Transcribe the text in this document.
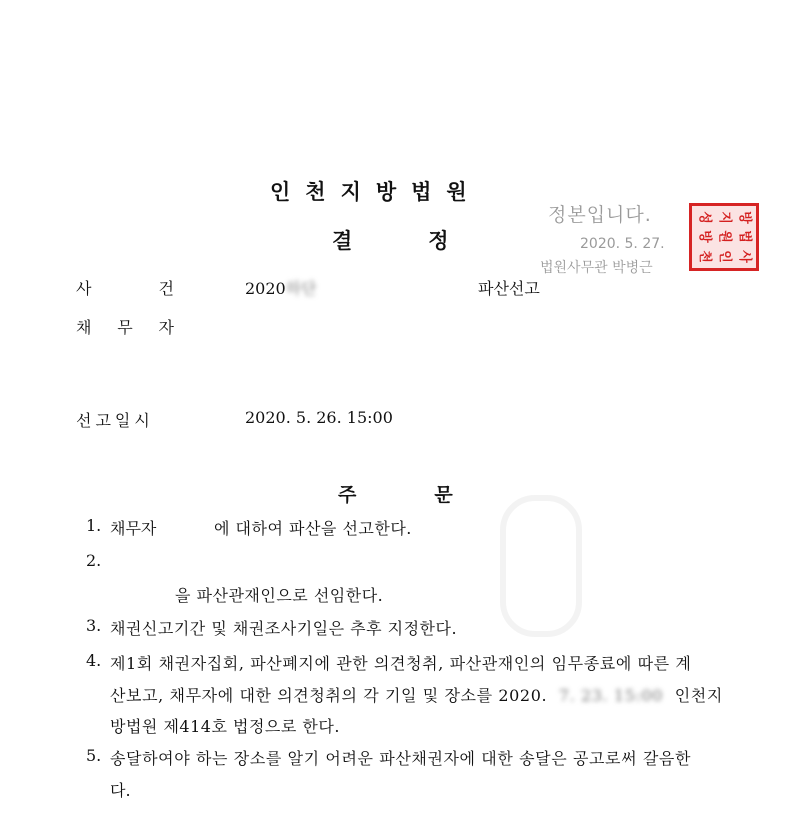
인천지방법원
결	정
정본입니다.
2020. 5. 27.
법원사무관 박병근
성 지 방
방 원 법
천 인 사
사 건	2020하단	파산선고
채 무 자
선고일시	2020. 5. 26. 15:00
주	문
1. 채무자	에 대하여 파산을 선고한다.
2.
을 파산관재인으로 선임한다.
3. 채권신고기간 및 채권조사기일은 추후 지정한다.
4. 제1회 채권자집회, 파산폐지에 관한 의견청취, 파산관재인의 임무종료에 따른 계
산보고, 채무자에 대한 의견청취의 각 기일 및 장소를 2020. 7. 23. 15:00 인천지
방법원 제414호 법정으로 한다.
5. 송달하여야 하는 장소를 알기 어려운 파산채권자에 대한 송달은 공고로써 갈음한
다.
